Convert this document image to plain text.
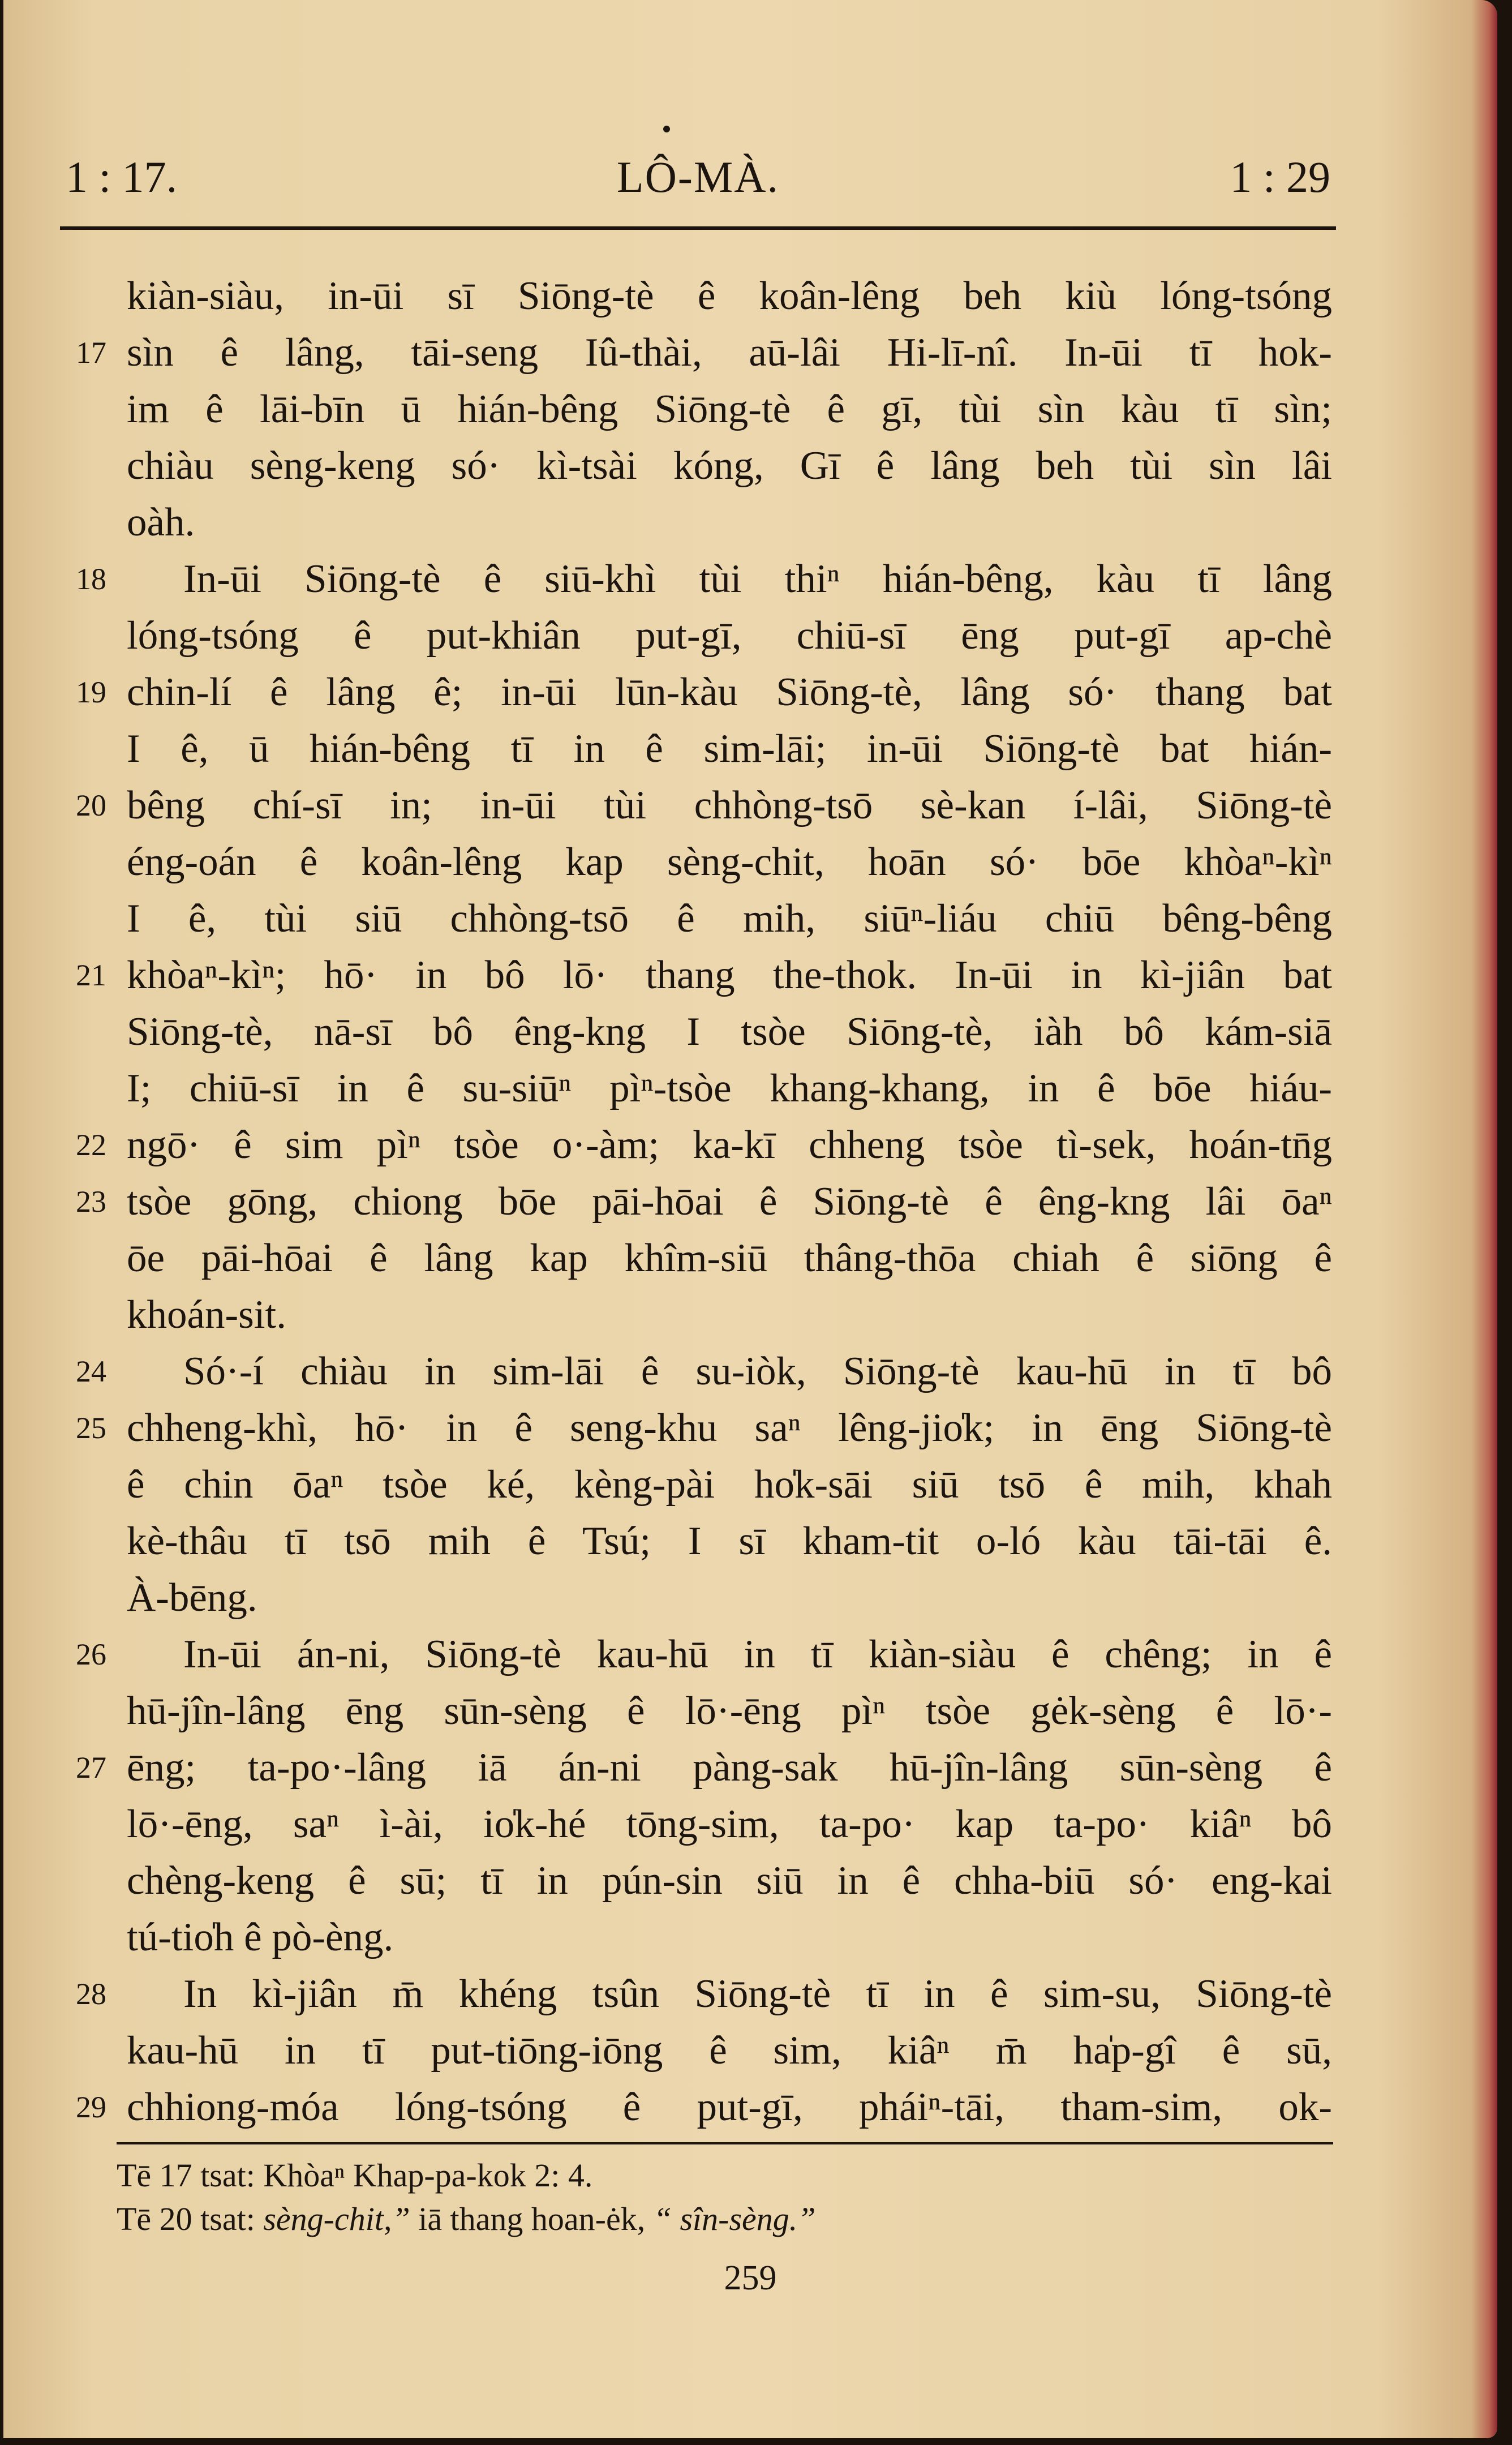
1 : 17.	LÔ-MÀ.	1 : 29
kiàn-siàu, in-ūi sī Siōng-tè ê koân-lêng beh kiù lóng-tsóng
17 sìn ê lâng, tāi-seng Iû-thài, aū-lâi Hi-lī-nî. In-ūi tī hok-
im ê lāi-bīn ū hián-bêng Siōng-tè ê gī, tùi sìn kàu tī sìn;
chiàu sèng-keng só· kì-tsài kóng, Gī ê lâng beh tùi sìn lâi
oàh.
18 In-ūi Siōng-tè ê siū-khì tùi thiⁿ hián-bêng, kàu tī lâng
lóng-tsóng ê put-khiân put-gī, chiū-sī ēng put-gī ap-chè
19 chin-lí ê lâng ê; in-ūi lūn-kàu Siōng-tè, lâng só· thang bat
I ê, ū hián-bêng tī in ê sim-lāi; in-ūi Siōng-tè bat hián-
20 bêng chí-sī in; in-ūi tùi chhòng-tsō sè-kan í-lâi, Siōng-tè
éng-oán ê koân-lêng kap sèng-chit, hoān só· bōe khòaⁿ-kìⁿ
I ê, tùi siū chhòng-tsō ê mih, siūⁿ-liáu chiū bêng-bêng
21 khòaⁿ-kìⁿ; hō· in bô lō· thang the-thok. In-ūi in kì-jiân bat
Siōng-tè, nā-sī bô êng-kng I tsòe Siōng-tè, iàh bô kám-siā
I; chiū-sī in ê su-siūⁿ pìⁿ-tsòe khang-khang, in ê bōe hiáu-
22 ngō· ê sim pìⁿ tsòe o·-àm; ka-kī chheng tsòe tì-sek, hoán-tn̄g
23 tsòe gōng, chiong bōe pāi-hōai ê Siōng-tè ê êng-kng lâi ōaⁿ
ōe pāi-hōai ê lâng kap khîm-siū thâng-thōa chiah ê siōng ê
khoán-sit.
24 Só·-í chiàu in sim-lāi ê su-iòk, Siōng-tè kau-hū in tī bô
25 chheng-khì, hō· in ê seng-khu saⁿ lêng-jio̍k; in ēng Siōng-tè
ê chin ōaⁿ tsòe ké, kèng-pài ho̍k-sāi siū tsō ê mih, khah
kè-thâu tī tsō mih ê Tsú; I sī kham-tit o-ló kàu tāi-tāi ê.
À-bēng.
26 In-ūi án-ni, Siōng-tè kau-hū in tī kiàn-siàu ê chêng; in ê
hū-jîn-lâng ēng sūn-sèng ê lō·-ēng pìⁿ tsòe gėk-sèng ê lō·-
27 ēng; ta-po·-lâng iā án-ni pàng-sak hū-jîn-lâng sūn-sèng ê
lō·-ēng, saⁿ ì-ài, io̍k-hé tōng-sim, ta-po· kap ta-po· kiâⁿ bô
chèng-keng ê sū; tī in pún-sin siū in ê chha-biū só· eng-kai
tú-tio̍h ê pò-èng.
28 In kì-jiân m̄ khéng tsûn Siōng-tè tī in ê sim-su, Siōng-tè
kau-hū in tī put-tiōng-iōng ê sim, kiâⁿ m̄ ha̍p-gî ê sū,
29 chhiong-móa lóng-tsóng ê put-gī, pháiⁿ-tāi, tham-sim, ok-
Tē 17 tsat: Khòaⁿ Khap-pa-kok 2: 4.
Tē 20 tsat: sèng-chit,” iā thang hoan-ėk, “ sîn-sèng.”
259
